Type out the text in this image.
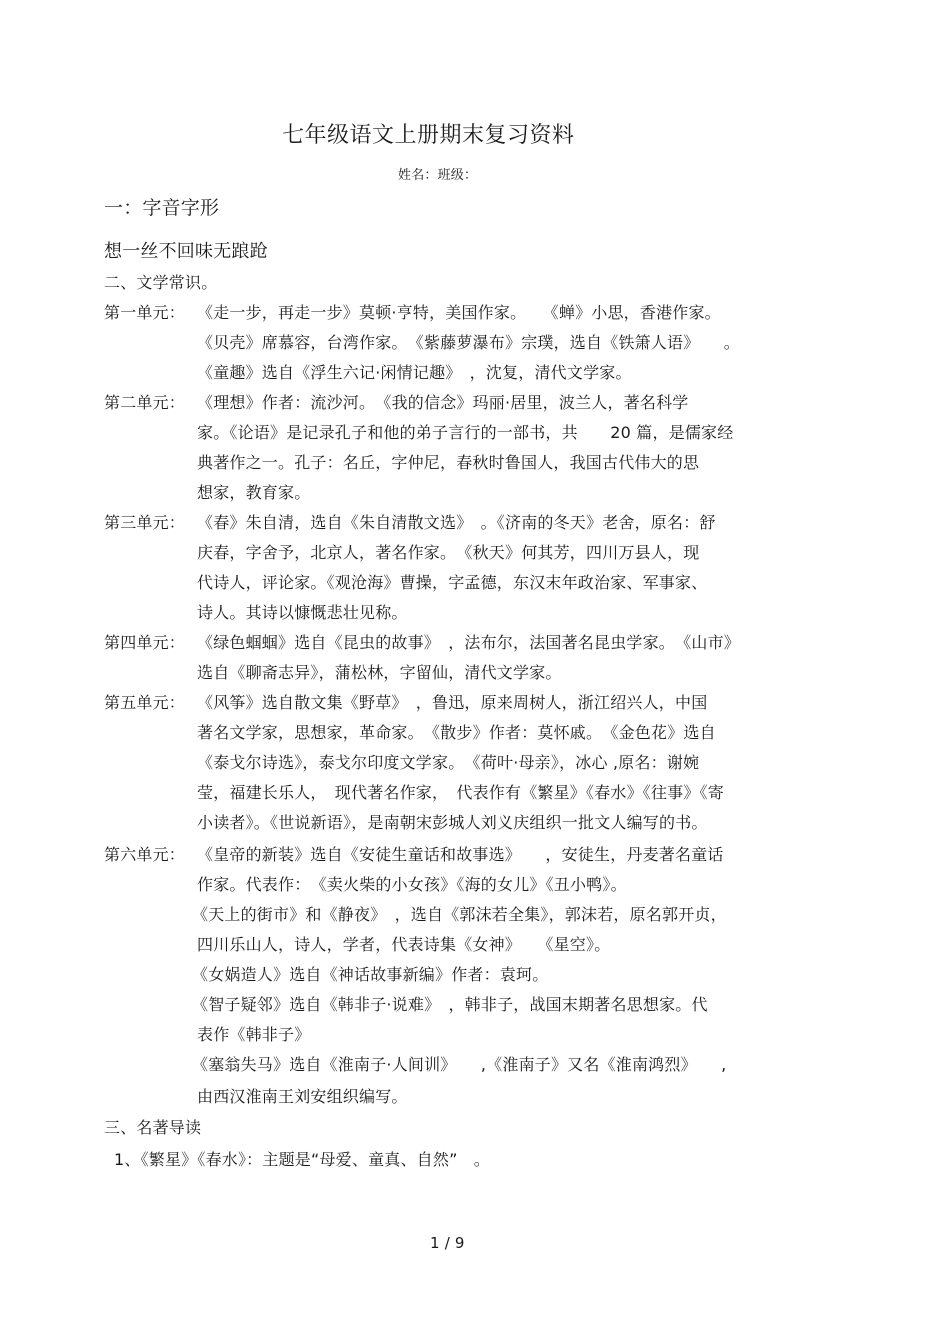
七年级语文上册期末复习资料
姓名：班级：
一：字音字形
想一丝不回味无踉跄
二、文学常识。
第一单元： 《走一步，再走一步》莫顿·亨特，美国作家。　　《蝉》小思，香港作家。
《贝壳》席慕容，台湾作家。　《紫藤萝瀑布》宗璞，选自《铁箫人语》　　。
《童趣》选自《浮生六记·闲情记趣》　，沈复，清代文学家。
第二单元： 《理想》作者：流沙河。　《我的信念》玛丽·居里，波兰人，著名科学
家。《论语》是记录孔子和他的弟子言行的一部书，共　　20 篇，是儒家经
典著作之一。孔子：名丘，字仲尼，春秋时鲁国人，我国古代伟大的思
想家，教育家。
第三单元： 《春》朱自清，选自《朱自清散文选》　。《济南的冬天》老舍，原名：舒
庆春，字舍予，北京人，著名作家。　《秋天》何其芳，四川万县人，现
代诗人，评论家。《观沧海》曹操，字孟德，东汉末年政治家、军事家、
诗人。其诗以慷慨悲壮见称。
第四单元： 《绿色蝈蝈》选自《昆虫的故事》　，法布尔，法国著名昆虫学家。　《山市》
选自《聊斋志异》，蒲松林，字留仙，清代文学家。
第五单元： 《风筝》选自散文集《野草》　，鲁迅，原来周树人，浙江绍兴人，中国
著名文学家，思想家，革命家。　《散步》作者：莫怀戚。　《金色花》选自
《泰戈尔诗选》，泰戈尔印度文学家。　《荷叶·母亲》，冰心 ,原名：谢婉
莹，福建长乐人，　现代著名作家，　代表作有《繁星》《春水》《往事》《寄
小读者》。《世说新语》，是南朝宋彭城人刘义庆组织一批文人编写的书。
第六单元： 《皇帝的新装》选自《安徒生童话和故事选》　　，安徒生，丹麦著名童话
作家。代表作：　《卖火柴的小女孩》《海的女儿》《丑小鸭》。
《天上的街市》和《静夜》　，选自《郭沫若全集》，郭沫若，原名郭开贞，
四川乐山人，诗人，学者，代表诗集《女神》　　《星空》。
《女娲造人》选自《神话故事新编》作者：袁珂。
《智子疑邻》选自《韩非子·说难》　，韩非子，战国末期著名思想家。代
表作《韩非子》
《塞翁失马》选自《淮南子·人间训》　　,《淮南子》又名《淮南鸿烈》　　,
由西汉淮南王刘安组织编写。
三、名著导读
1、《繁星》《春水》：主题是“母爱、童真、自然”　。
1 / 9
